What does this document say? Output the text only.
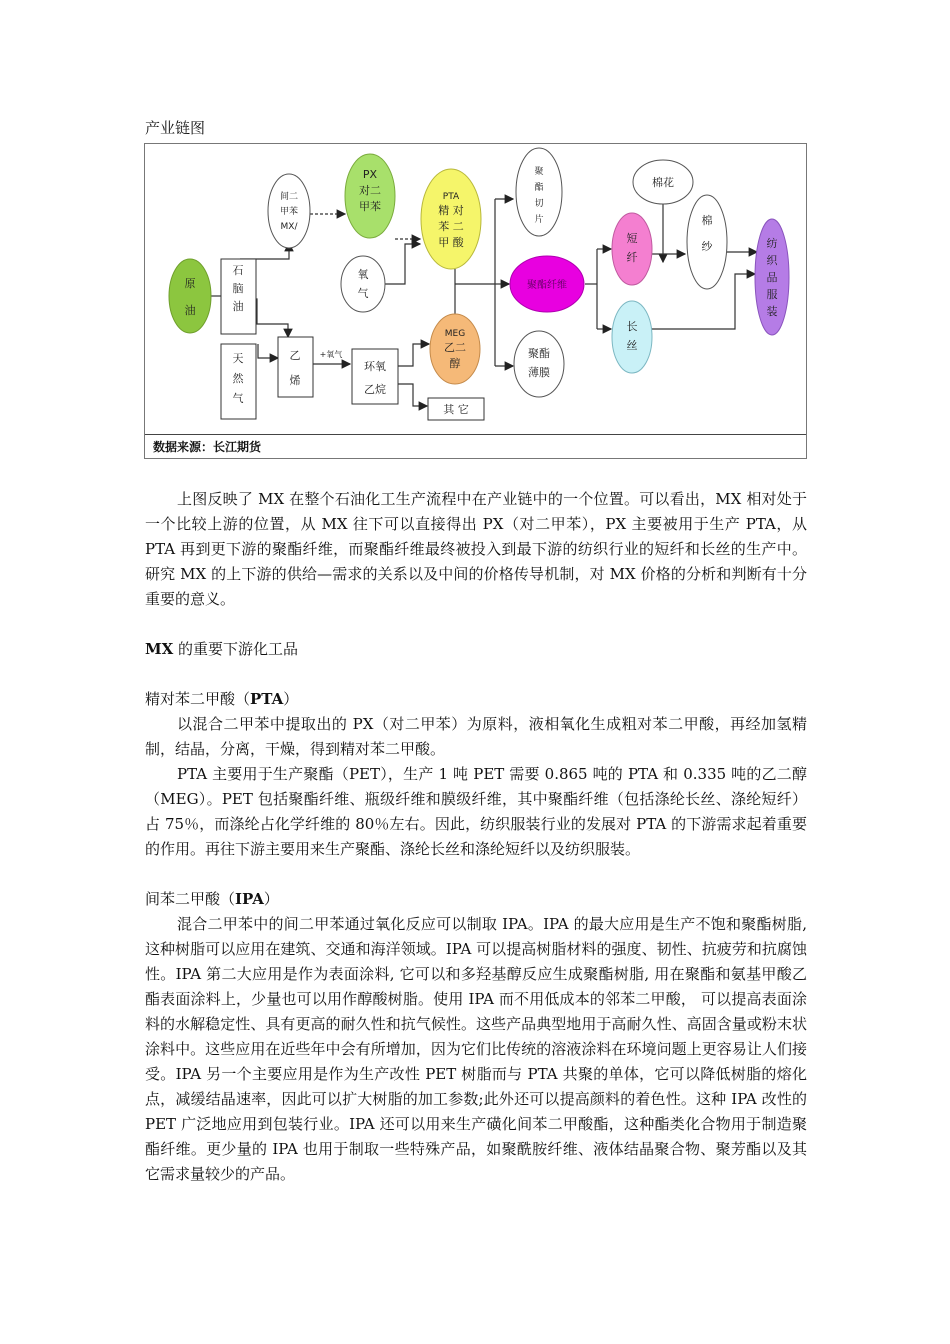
产业链图
原
油
石
脑
油
天
然
气
间二
甲苯
MX/
PX
对二
甲苯
氧
气
PTA
精 对
苯 二
甲 酸
乙
烯
+氧气
环氧
乙烷
MEG
乙二
醇
其 它
聚
酯
切
片
聚酯纤维
聚酯
薄膜
短
纤
长
丝
棉花
棉
纱	纺
织
品
服
装
数据来源：长江期货

上图反映了 MX 在整个石油化工生产流程中在产业链中的一个位置。可以看出，MX 相对处于一个比较上游的位置，从 MX 往下可以直接得出 PX（对二甲苯），PX 主要被用于生产 PTA，从 PTA 再到更下游的聚酯纤维，而聚酯纤维最终被投入到最下游的纺织行业的短纤和长丝的生产中。研究 MX 的上下游的供给—需求的关系以及中间的价格传导机制，对 MX 价格的分析和判断有十分重要的意义。

MX 的重要下游化工品

精对苯二甲酸（PTA）

以混合二甲苯中提取出的 PX（对二甲苯）为原料，液相氧化生成粗对苯二甲酸，再经加氢精制，结晶，分离，干燥，得到精对苯二甲酸。

PTA 主要用于生产聚酯（PET），生产 1 吨 PET 需要 0.865 吨的 PTA 和 0.335 吨的乙二醇（MEG）。PET 包括聚酯纤维、瓶级纤维和膜级纤维，其中聚酯纤维（包括涤纶长丝、涤纶短纤）占 75％，而涤纶占化学纤维的 80％左右。因此，纺织服装行业的发展对 PTA 的下游需求起着重要的作用。再往下游主要用来生产聚酯、涤纶长丝和涤纶短纤以及纺织服装。

间苯二甲酸（IPA）

混合二甲苯中的间二甲苯通过氧化反应可以制取 IPA。IPA 的最大应用是生产不饱和聚酯树脂, 这种树脂可以应用在建筑、交通和海洋领域。IPA 可以提高树脂材料的强度、韧性、抗疲劳和抗腐蚀性。IPA 第二大应用是作为表面涂料, 它可以和多羟基醇反应生成聚酯树脂, 用在聚酯和氨基甲酸乙酯表面涂料上，少量也可以用作醇酸树脂。使用 IPA 而不用低成本的邻苯二甲酸， 可以提高表面涂料的水解稳定性、具有更高的耐久性和抗气候性。这些产品典型地用于高耐久性、高固含量或粉末状涂料中。这些应用在近些年中会有所增加，因为它们比传统的溶液涂料在环境问题上更容易让人们接受。IPA 另一个主要应用是作为生产改性 PET 树脂而与 PTA 共聚的单体，它可以降低树脂的熔化点，减缓结晶速率，因此可以扩大树脂的加工参数;此外还可以提高颜料的着色性。这种 IPA 改性的 PET 广泛地应用到包装行业。IPA 还可以用来生产磺化间苯二甲酸酯，这种酯类化合物用于制造聚酯纤维。更少量的 IPA 也用于制取一些特殊产品，如聚酰胺纤维、液体结晶聚合物、聚芳酯以及其它需求量较少的产品。
